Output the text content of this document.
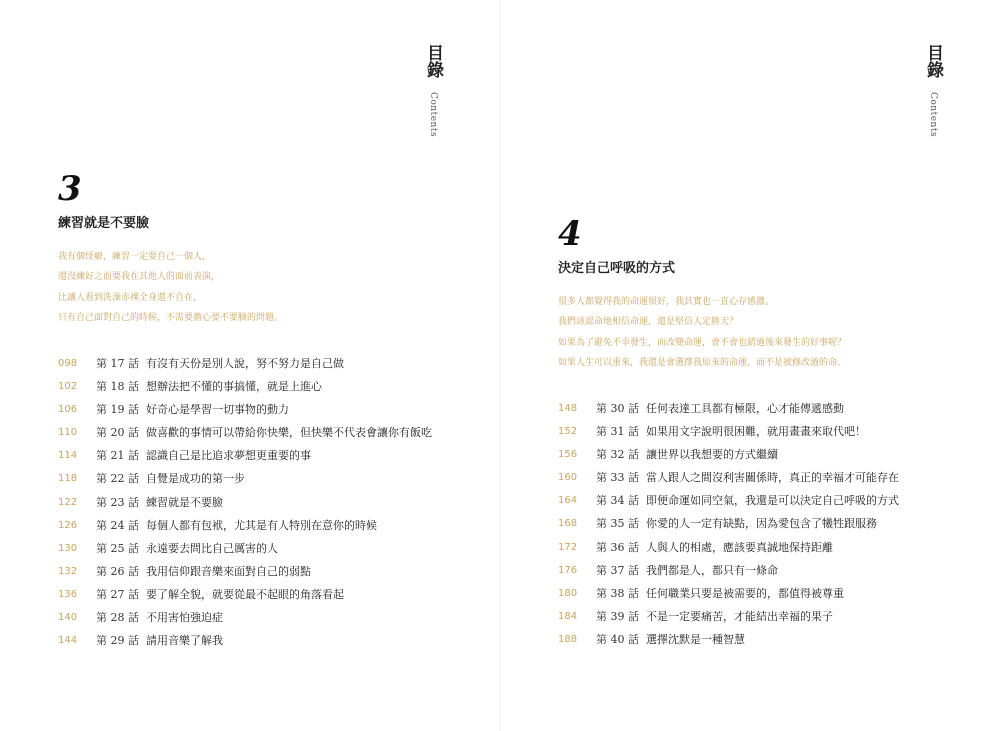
目錄
Contents
3
練習就是不要臉
我有個怪癖，練習一定要自己一個人，
還沒練好之前要我在其他人的面前表演，
比讓人看到洗澡赤裸全身還不自在，
只有自己面對自己的時候，不需要擔心要不要臉的問題。
098 第 17 話 有沒有天份是別人說，努不努力是自己做
102 第 18 話 想辦法把不懂的事搞懂，就是上進心
106 第 19 話 好奇心是學習一切事物的動力
110 第 20 話 做喜歡的事情可以帶給你快樂，但快樂不代表會讓你有飯吃
114 第 21 話 認識自己是比追求夢想更重要的事
118 第 22 話 自覺是成功的第一步
122 第 23 話 練習就是不要臉
126 第 24 話 每個人都有包袱，尤其是有人特別在意你的時候
130 第 25 話 永遠要去問比自己厲害的人
132 第 26 話 我用信仰跟音樂來面對自己的弱點
136 第 27 話 要了解全貌，就要從最不起眼的角落看起
140 第 28 話 不用害怕強迫症
144 第 29 話 請用音樂了解我
目錄
Contents
4
決定自己呼吸的方式
很多人都覺得我的命運很好，我其實也一直心存感激。
我們該認命地相信命運，還是堅信人定勝天？
如果為了避免不幸發生，而改變命運，會不會也錯過後來發生的好事呢？
如果人生可以重來，我還是會選擇我原來的命運，而不是被修改過的命。
148 第 30 話 任何表達工具都有極限，心才能傳遞感動
152 第 31 話 如果用文字說明很困難，就用畫畫來取代吧！
156 第 32 話 讓世界以我想要的方式繼續
160 第 33 話 當人跟人之間沒利害關係時，真正的幸福才可能存在
164 第 34 話 即便命運如同空氣，我還是可以決定自己呼吸的方式
168 第 35 話 你愛的人一定有缺點，因為愛包含了犧牲跟服務
172 第 36 話 人與人的相處，應該要真誠地保持距離
176 第 37 話 我們都是人，都只有一條命
180 第 38 話 任何職業只要是被需要的，都值得被尊重
184 第 39 話 不是一定要痛苦，才能結出幸福的果子
188 第 40 話 選擇沈默是一種智慧
